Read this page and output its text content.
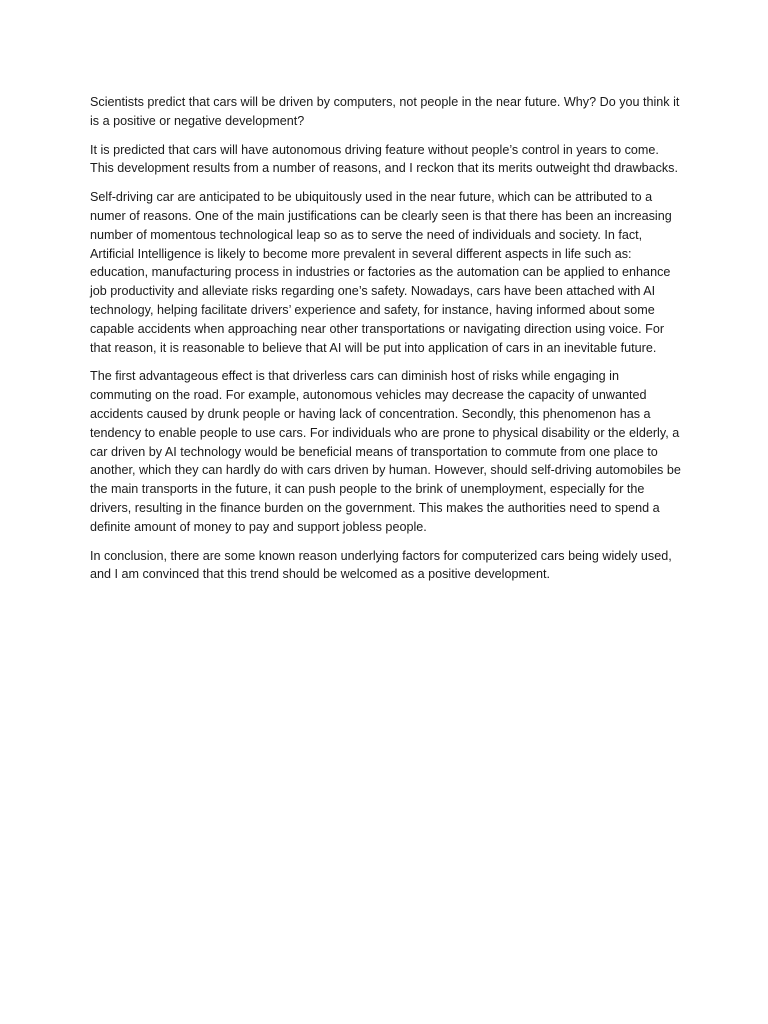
Scientists predict that cars will be driven by computers, not people in the near future. Why? Do you think it is a positive or negative development?

It is predicted that cars will have autonomous driving feature without people’s control in years to come. This development results from a number of reasons, and I reckon that its merits outweight thd drawbacks.

Self-driving car are anticipated to be ubiquitously used in the near future, which can be attributed to a numer of reasons. One of the main justifications can be clearly seen is that there has been an increasing number of momentous technological leap so as to serve the need of individuals and society. In fact, Artificial Intelligence is likely to become more prevalent in several different aspects in life such as: education, manufacturing process in industries or factories as the automation can be applied to enhance job productivity and alleviate risks regarding one’s safety. Nowadays, cars have been attached with AI technology, helping facilitate drivers’ experience and safety, for instance, having informed about some capable accidents when approaching near other transportations or navigating direction using voice. For that reason, it is reasonable to believe that AI will be put into application of cars in an inevitable future.

The first advantageous effect is that driverless cars can diminish host of risks while engaging in commuting on the road. For example, autonomous vehicles may decrease the capacity of unwanted accidents caused by drunk people or having lack of concentration. Secondly, this phenomenon has a tendency to enable people to use cars. For individuals who are prone to physical disability or the elderly, a car driven by AI technology would be beneficial means of transportation to commute from one place to another, which they can hardly do with cars driven by human. However, should self-driving automobiles be the main transports in the future, it can push people to the brink of unemployment, especially for the drivers, resulting in the finance burden on the government. This makes the authorities need to spend a definite amount of money to pay and support jobless people.

In conclusion, there are some known reason underlying factors for computerized cars being widely used, and I am convinced that this trend should be welcomed as a positive development.
